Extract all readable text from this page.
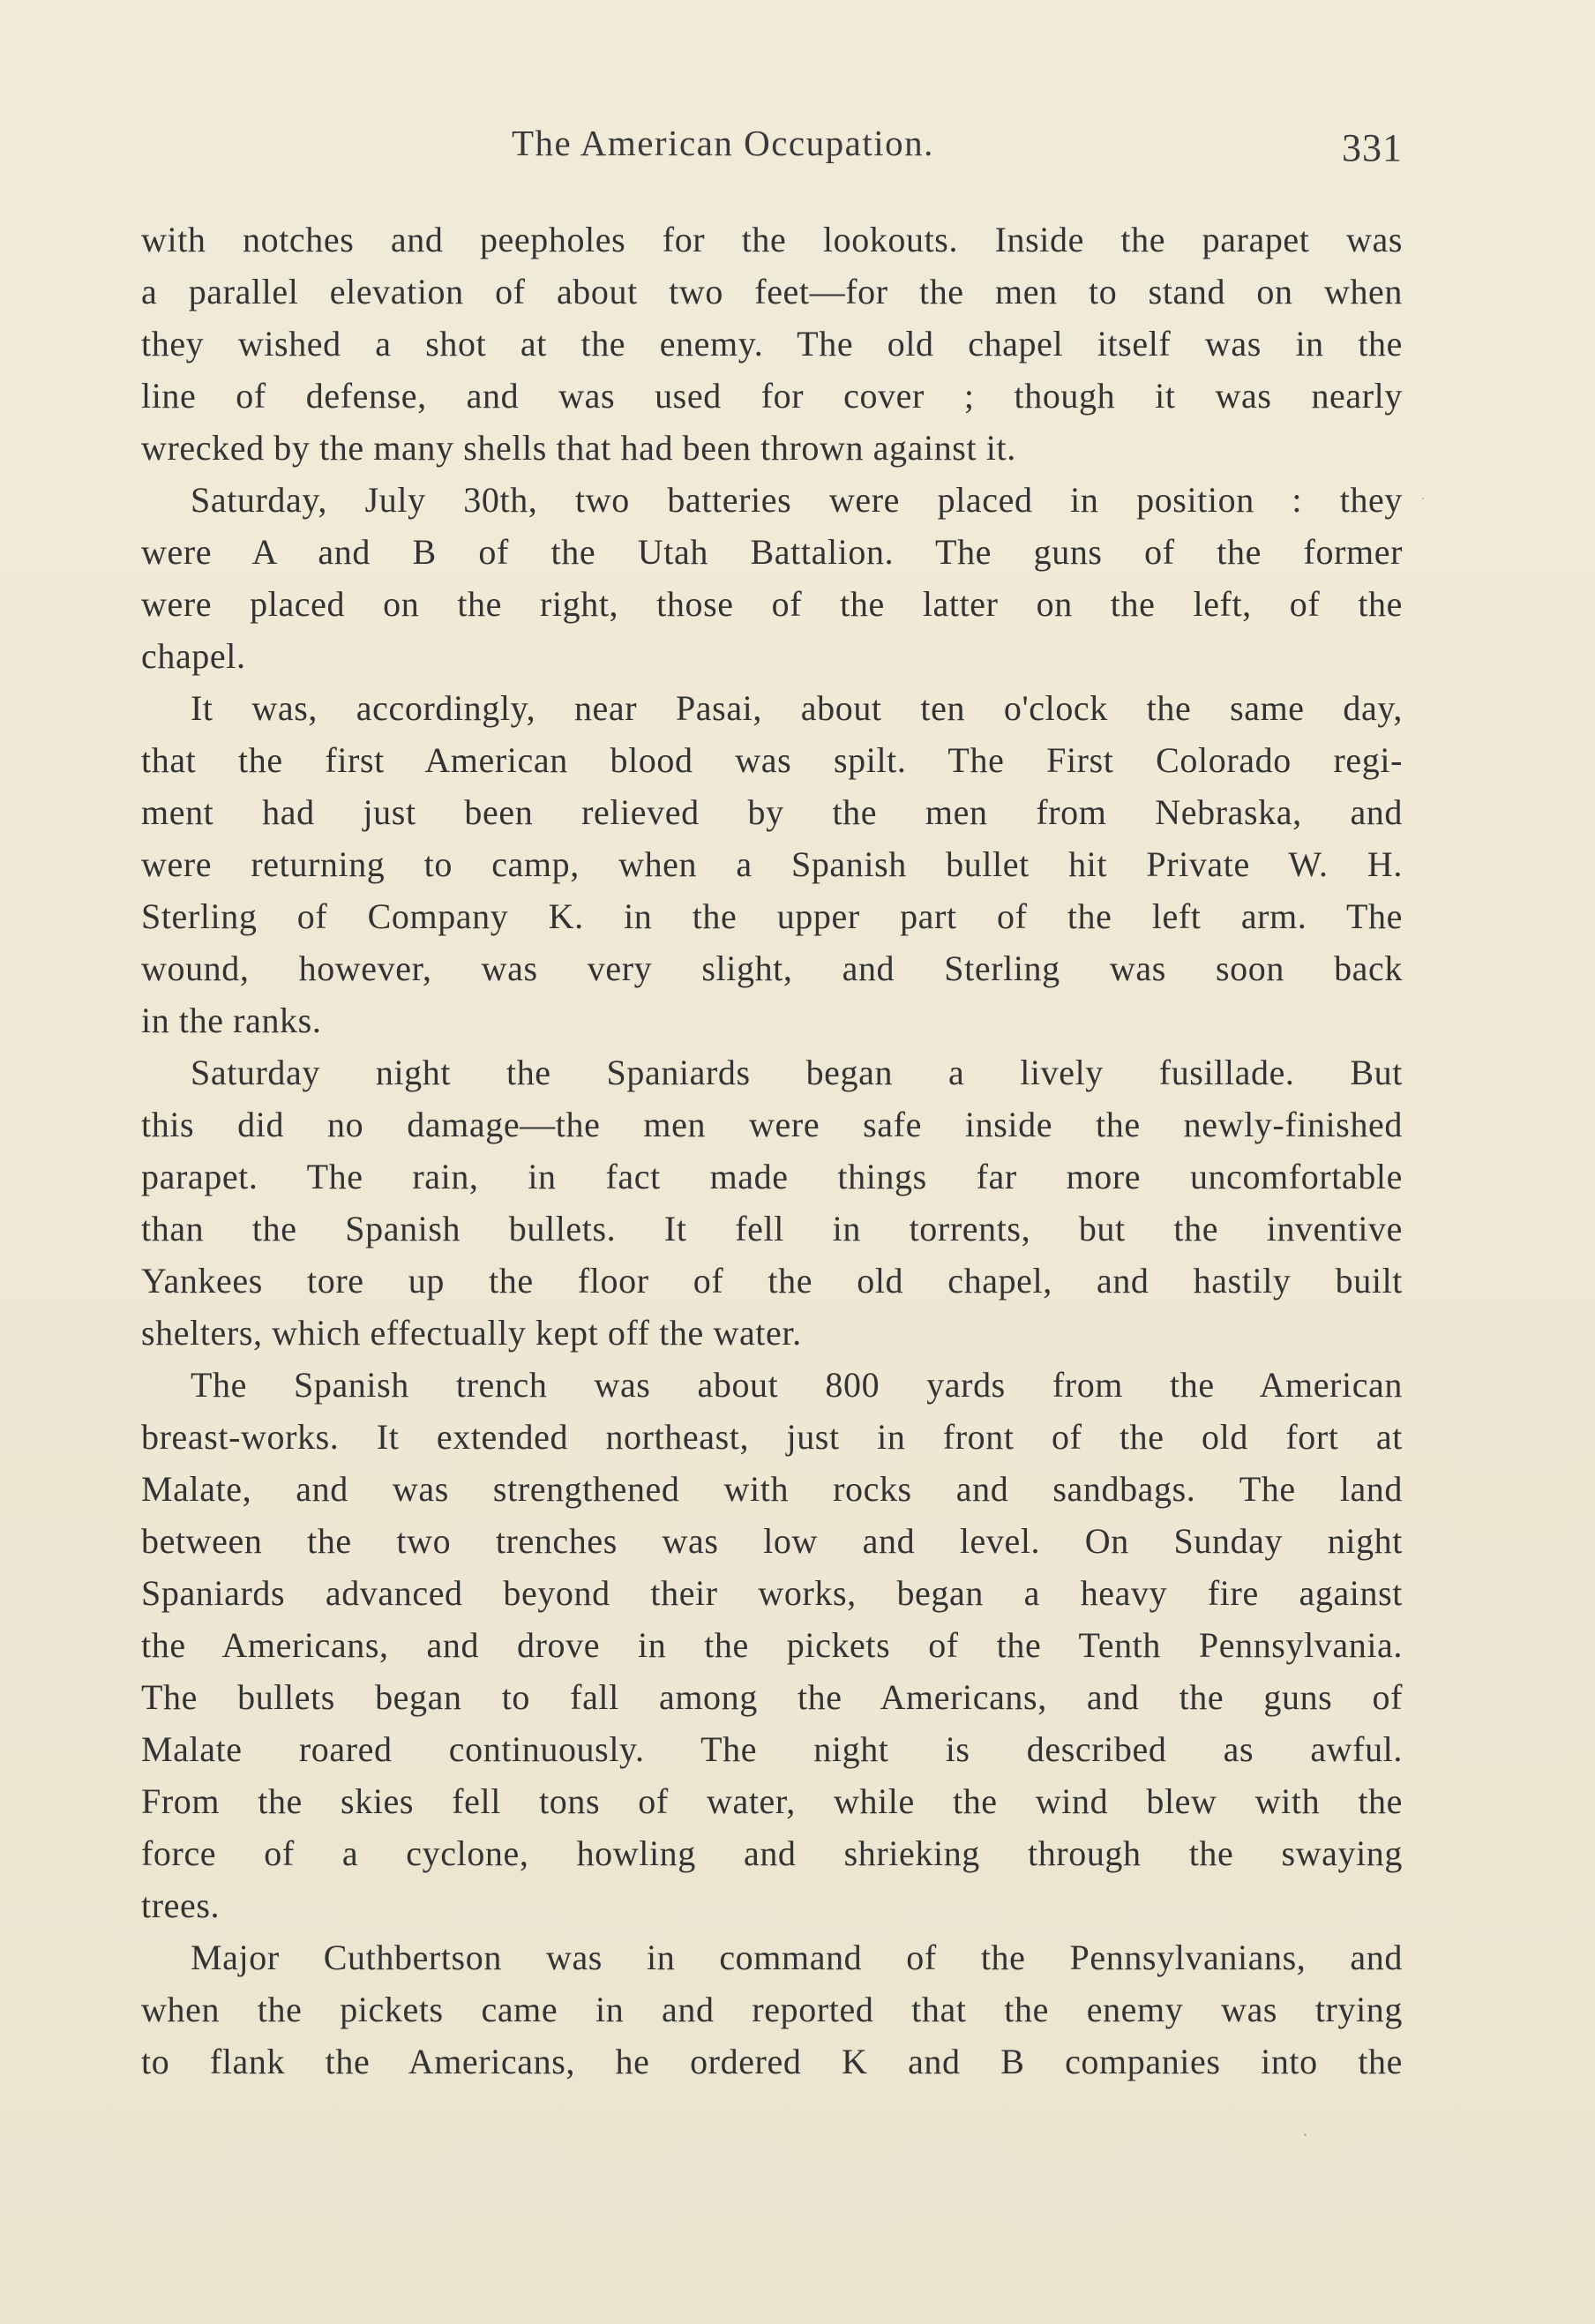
The American Occupation.	331
with notches and peepholes for the lookouts. Inside the parapet was
a parallel elevation of about two feet—for the men to stand on when
they wished a shot at the enemy. The old chapel itself was in the
line of defense, and was used for cover ; though it was nearly
wrecked by the many shells that had been thrown against it.
Saturday, July 30th, two batteries were placed in position : they
were A and B of the Utah Battalion. The guns of the former
were placed on the right, those of the latter on the left, of the
chapel.
It was, accordingly, near Pasai, about ten o'clock the same day,
that the first American blood was spilt. The First Colorado regi-
ment had just been relieved by the men from Nebraska, and
were returning to camp, when a Spanish bullet hit Private W. H.
Sterling of Company K. in the upper part of the left arm. The
wound, however, was very slight, and Sterling was soon back
in the ranks.
Saturday night the Spaniards began a lively fusillade. But
this did no damage—the men were safe inside the newly-finished
parapet. The rain, in fact made things far more uncomfortable
than the Spanish bullets. It fell in torrents, but the inventive
Yankees tore up the floor of the old chapel, and hastily built
shelters, which effectually kept off the water.
The Spanish trench was about 800 yards from the American
breast-works. It extended northeast, just in front of the old fort at
Malate, and was strengthened with rocks and sandbags. The land
between the two trenches was low and level. On Sunday night
Spaniards advanced beyond their works, began a heavy fire against
the Americans, and drove in the pickets of the Tenth Pennsylvania.
The bullets began to fall among the Americans, and the guns of
Malate roared continuously. The night is described as awful.
From the skies fell tons of water, while the wind blew with the
force of a cyclone, howling and shrieking through the swaying
trees.
Major Cuthbertson was in command of the Pennsylvanians, and
when the pickets came in and reported that the enemy was trying
to flank the Americans, he ordered K and B companies into the
